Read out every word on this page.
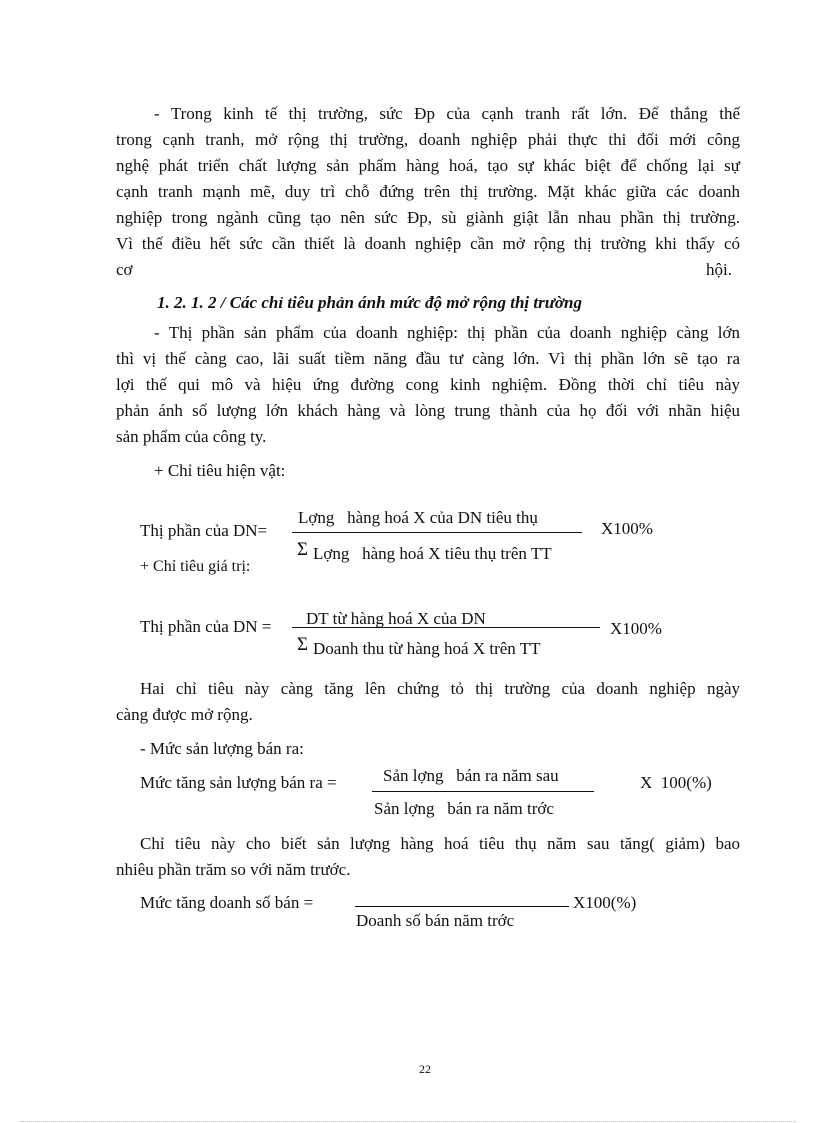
- Trong kinh tế thị trường, sức Đp của cạnh tranh rất lớn. Để thắng thế
trong cạnh tranh, mở rộng thị trường, doanh nghiệp phải thực thi đổi mới công
nghệ phát triển chất lượng sản phẩm hàng hoá, tạo sự khác biệt để chống lại sự
cạnh tranh mạnh mẽ, duy trì chỗ đứng trên thị trường. Mặt khác giữa các doanh
nghiệp trong ngành cũng tạo nên sức Đp, sù giành giật lẫn nhau phần thị trường.
Vì thế điều hết sức cần thiết là doanh nghiệp cần mở rộng thị trường khi thấy có
cơ	hội.
1. 2. 1. 2 / Các chỉ tiêu phản ánh mức độ mở rộng thị trường
- Thị phần sản phẩm của doanh nghiệp: thị phần của doanh nghiệp càng lớn
thì vị thế càng cao, lãi suất tiềm năng đầu tư càng lớn. Vì thị phần lớn sẽ tạo ra
lợi thế qui mô và hiệu ứng đường cong kinh nghiệm. Đồng thời chỉ tiêu này
phản ánh số lượng lớn khách hàng và lòng trung thành của họ đối với nhãn hiệu
sản phẩm của công ty.
+ Chỉ tiêu hiện vật:
Thị phần của DN=
Lợng   hàng hoá X của DN tiêu thụ
Σ Lợng   hàng hoá X tiêu thụ trên TT
X100%
+ Chỉ tiêu giá trị:
Thị phần của DN = DT từ hàng hoá X của DN
Σ Doanh thu từ hàng hoá X trên TT
X100%
Hai chỉ tiêu này càng tăng lên chứng tỏ thị trường của doanh nghiệp ngày
càng được mở rộng.
- Mức sản lượng bán ra:
Mức tăng sản lượng bán ra =	Sản lợng   bán ra năm sau
Sản lợng   bán ra năm trớc
X  100(%)
Chỉ tiêu này cho biết sản lượng hàng hoá tiêu thụ năm sau tăng( giảm) bao
nhiêu phần trăm so với năm trước.
Mức tăng doanh số bán =
Doanh số bán năm trớc
X100(%)
22
